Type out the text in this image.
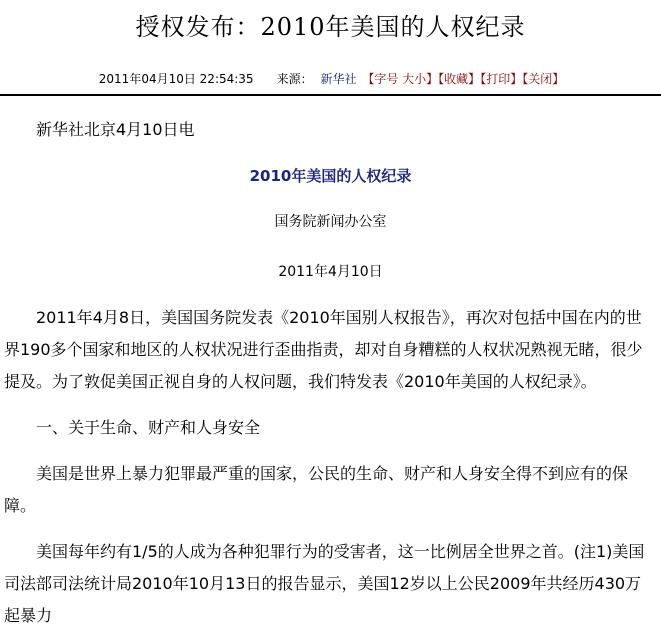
授权发布：2010年美国的人权纪录
2011年04月10日 22:54:35 来源： 新华社 【字号 大小】【收藏】【打印】【关闭】

新华社北京4月10日电

2010年美国的人权纪录

国务院新闻办公室

2011年4月10日

2011年4月8日，美国国务院发表《2010年国别人权报告》，再次对包括中国在内的世界190多个国家和地区的人权状况进行歪曲指责，却对自身糟糕的人权状况熟视无睹，很少提及。为了敦促美国正视自身的人权问题，我们特发表《2010年美国的人权纪录》。

一、关于生命、财产和人身安全

美国是世界上暴力犯罪最严重的国家，公民的生命、财产和人身安全得不到应有的保障。

美国每年约有1/5的人成为各种犯罪行为的受害者，这一比例居全世界之首。(注1)美国司法部司法统计局2010年10月13日的报告显示，美国12岁以上公民2009年共经历430万起暴力
